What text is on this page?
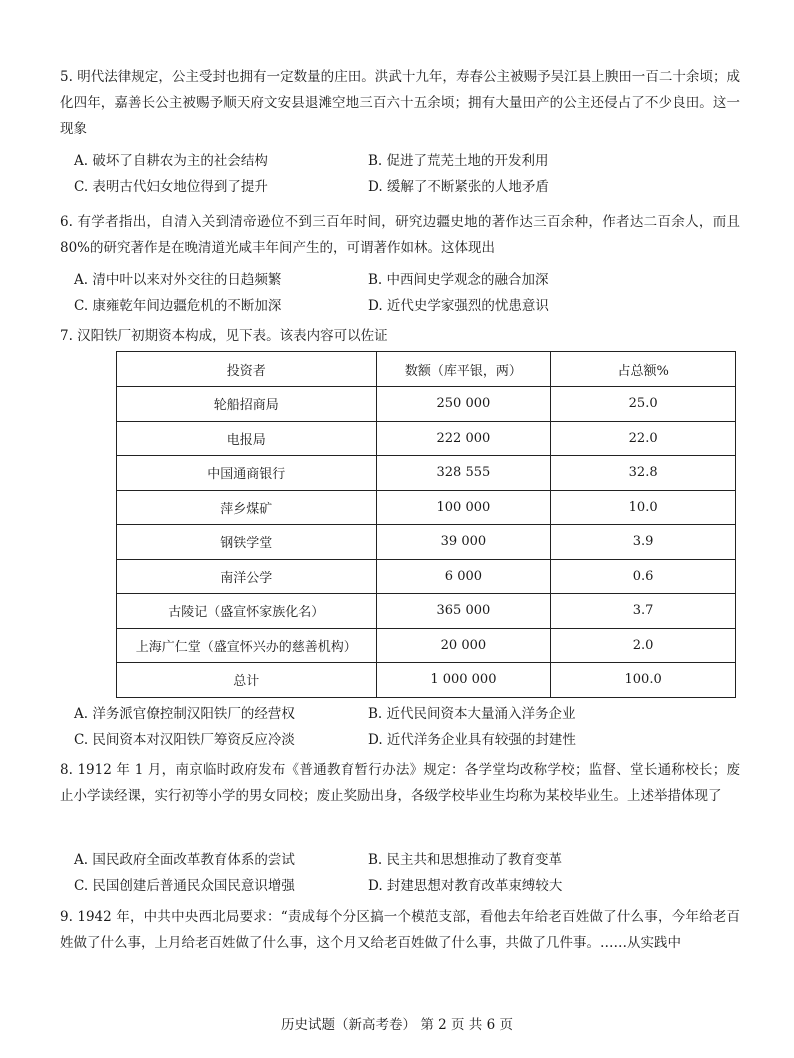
5. 明代法律规定，公主受封也拥有一定数量的庄田。洪武十九年，寿春公主被赐予吴江县上腴田一百二十余顷；成化四年，嘉善长公主被赐予顺天府文安县退滩空地三百六十五余顷；拥有大量田产的公主还侵占了不少良田。这一现象
A. 破坏了自耕农为主的社会结构	B. 促进了荒芜土地的开发利用
C. 表明古代妇女地位得到了提升	D. 缓解了不断紧张的人地矛盾
6. 有学者指出，自清入关到清帝逊位不到三百年时间，研究边疆史地的著作达三百余种，作者达二百余人，而且 80%的研究著作是在晚清道光咸丰年间产生的，可谓著作如林。这体现出
A. 清中叶以来对外交往的日趋频繁	B. 中西间史学观念的融合加深
C. 康雍乾年间边疆危机的不断加深	D. 近代史学家强烈的忧患意识
7. 汉阳铁厂初期资本构成，见下表。该表内容可以佐证
投资者	数额（库平银，两）	占总额%
轮船招商局	250 000	25.0
电报局	222 000	22.0
中国通商银行	328 555	32.8
萍乡煤矿	100 000	10.0
钢铁学堂	39 000	3.9
南洋公学	6 000	0.6
古陵记（盛宣怀家族化名）	365 000	3.7
上海广仁堂（盛宣怀兴办的慈善机构）	20 000	2.0
总计	1 000 000	100.0
A. 洋务派官僚控制汉阳铁厂的经营权	B. 近代民间资本大量涌入洋务企业
C. 民间资本对汉阳铁厂筹资反应冷淡	D. 近代洋务企业具有较强的封建性
8. 1912 年 1 月，南京临时政府发布《普通教育暂行办法》规定：各学堂均改称学校；监督、堂长通称校长；废止小学读经课，实行初等小学的男女同校；废止奖励出身，各级学校毕业生均称为某校毕业生。上述举措体现了
A. 国民政府全面改革教育体系的尝试	B. 民主共和思想推动了教育变革
C. 民国创建后普通民众国民意识增强	D. 封建思想对教育改革束缚较大
9. 1942 年，中共中央西北局要求：“责成每个分区搞一个模范支部，看他去年给老百姓做了什么事，今年给老百姓做了什么事，上月给老百姓做了什么事，这个月又给老百姓做了什么事，共做了几件事。……从实践中
历史试题（新高考卷） 第 2 页 共 6 页
